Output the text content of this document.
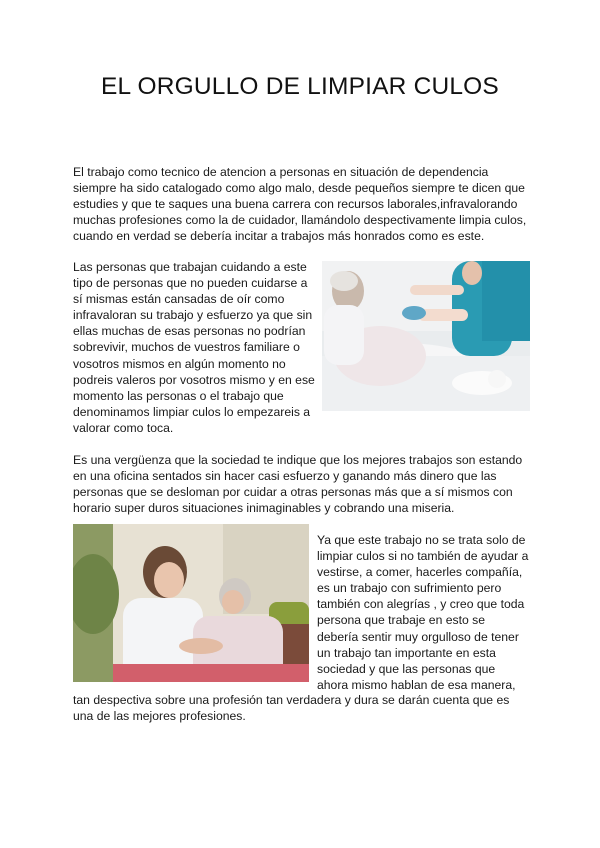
EL ORGULLO DE LIMPIAR CULOS
El trabajo como tecnico de atencion a personas en situación de dependencia
siempre ha sido catalogado como algo malo, desde pequeños siempre te dicen que
estudies y que te saques una buena carrera con recursos laborales,infravalorando
muchas profesiones como la de cuidador, llamándolo despectivamente limpia culos,
cuando en verdad se debería incitar a trabajos más honrados como es este.
Las personas que trabajan cuidando a este
tipo de personas que no pueden cuidarse a
sí mismas están cansadas de oír como
infravaloran su trabajo y esfuerzo ya que sin
ellas muchas de esas personas no podrían
sobrevivir, muchos de vuestros familiare o
vosotros mismos en algún momento no
podreis valeros por vosotros mismo y en ese
momento las personas o el trabajo que
denominamos limpiar culos lo empezareis a
valorar como toca.
Es una vergüenza que la sociedad te indique que los mejores trabajos son estando
en una oficina sentados sin hacer casi esfuerzo y ganando más dinero que las
personas que se desloman por cuidar a otras personas más que a sí mismos con
horario super duros situaciones inimaginables y cobrando una miseria.
Ya que este trabajo no se trata solo de
limpiar culos si no también de ayudar a
vestirse, a comer, hacerles compañía,
es un trabajo con sufrimiento pero
también con alegrías , y creo que toda
persona que trabaje en esto se
debería sentir muy orgulloso de tener
un trabajo tan importante en esta
sociedad y que las personas que
ahora mismo hablan de esa manera,
tan despectiva sobre una profesión tan verdadera y dura se darán cuenta que es
una de las mejores profesiones.
